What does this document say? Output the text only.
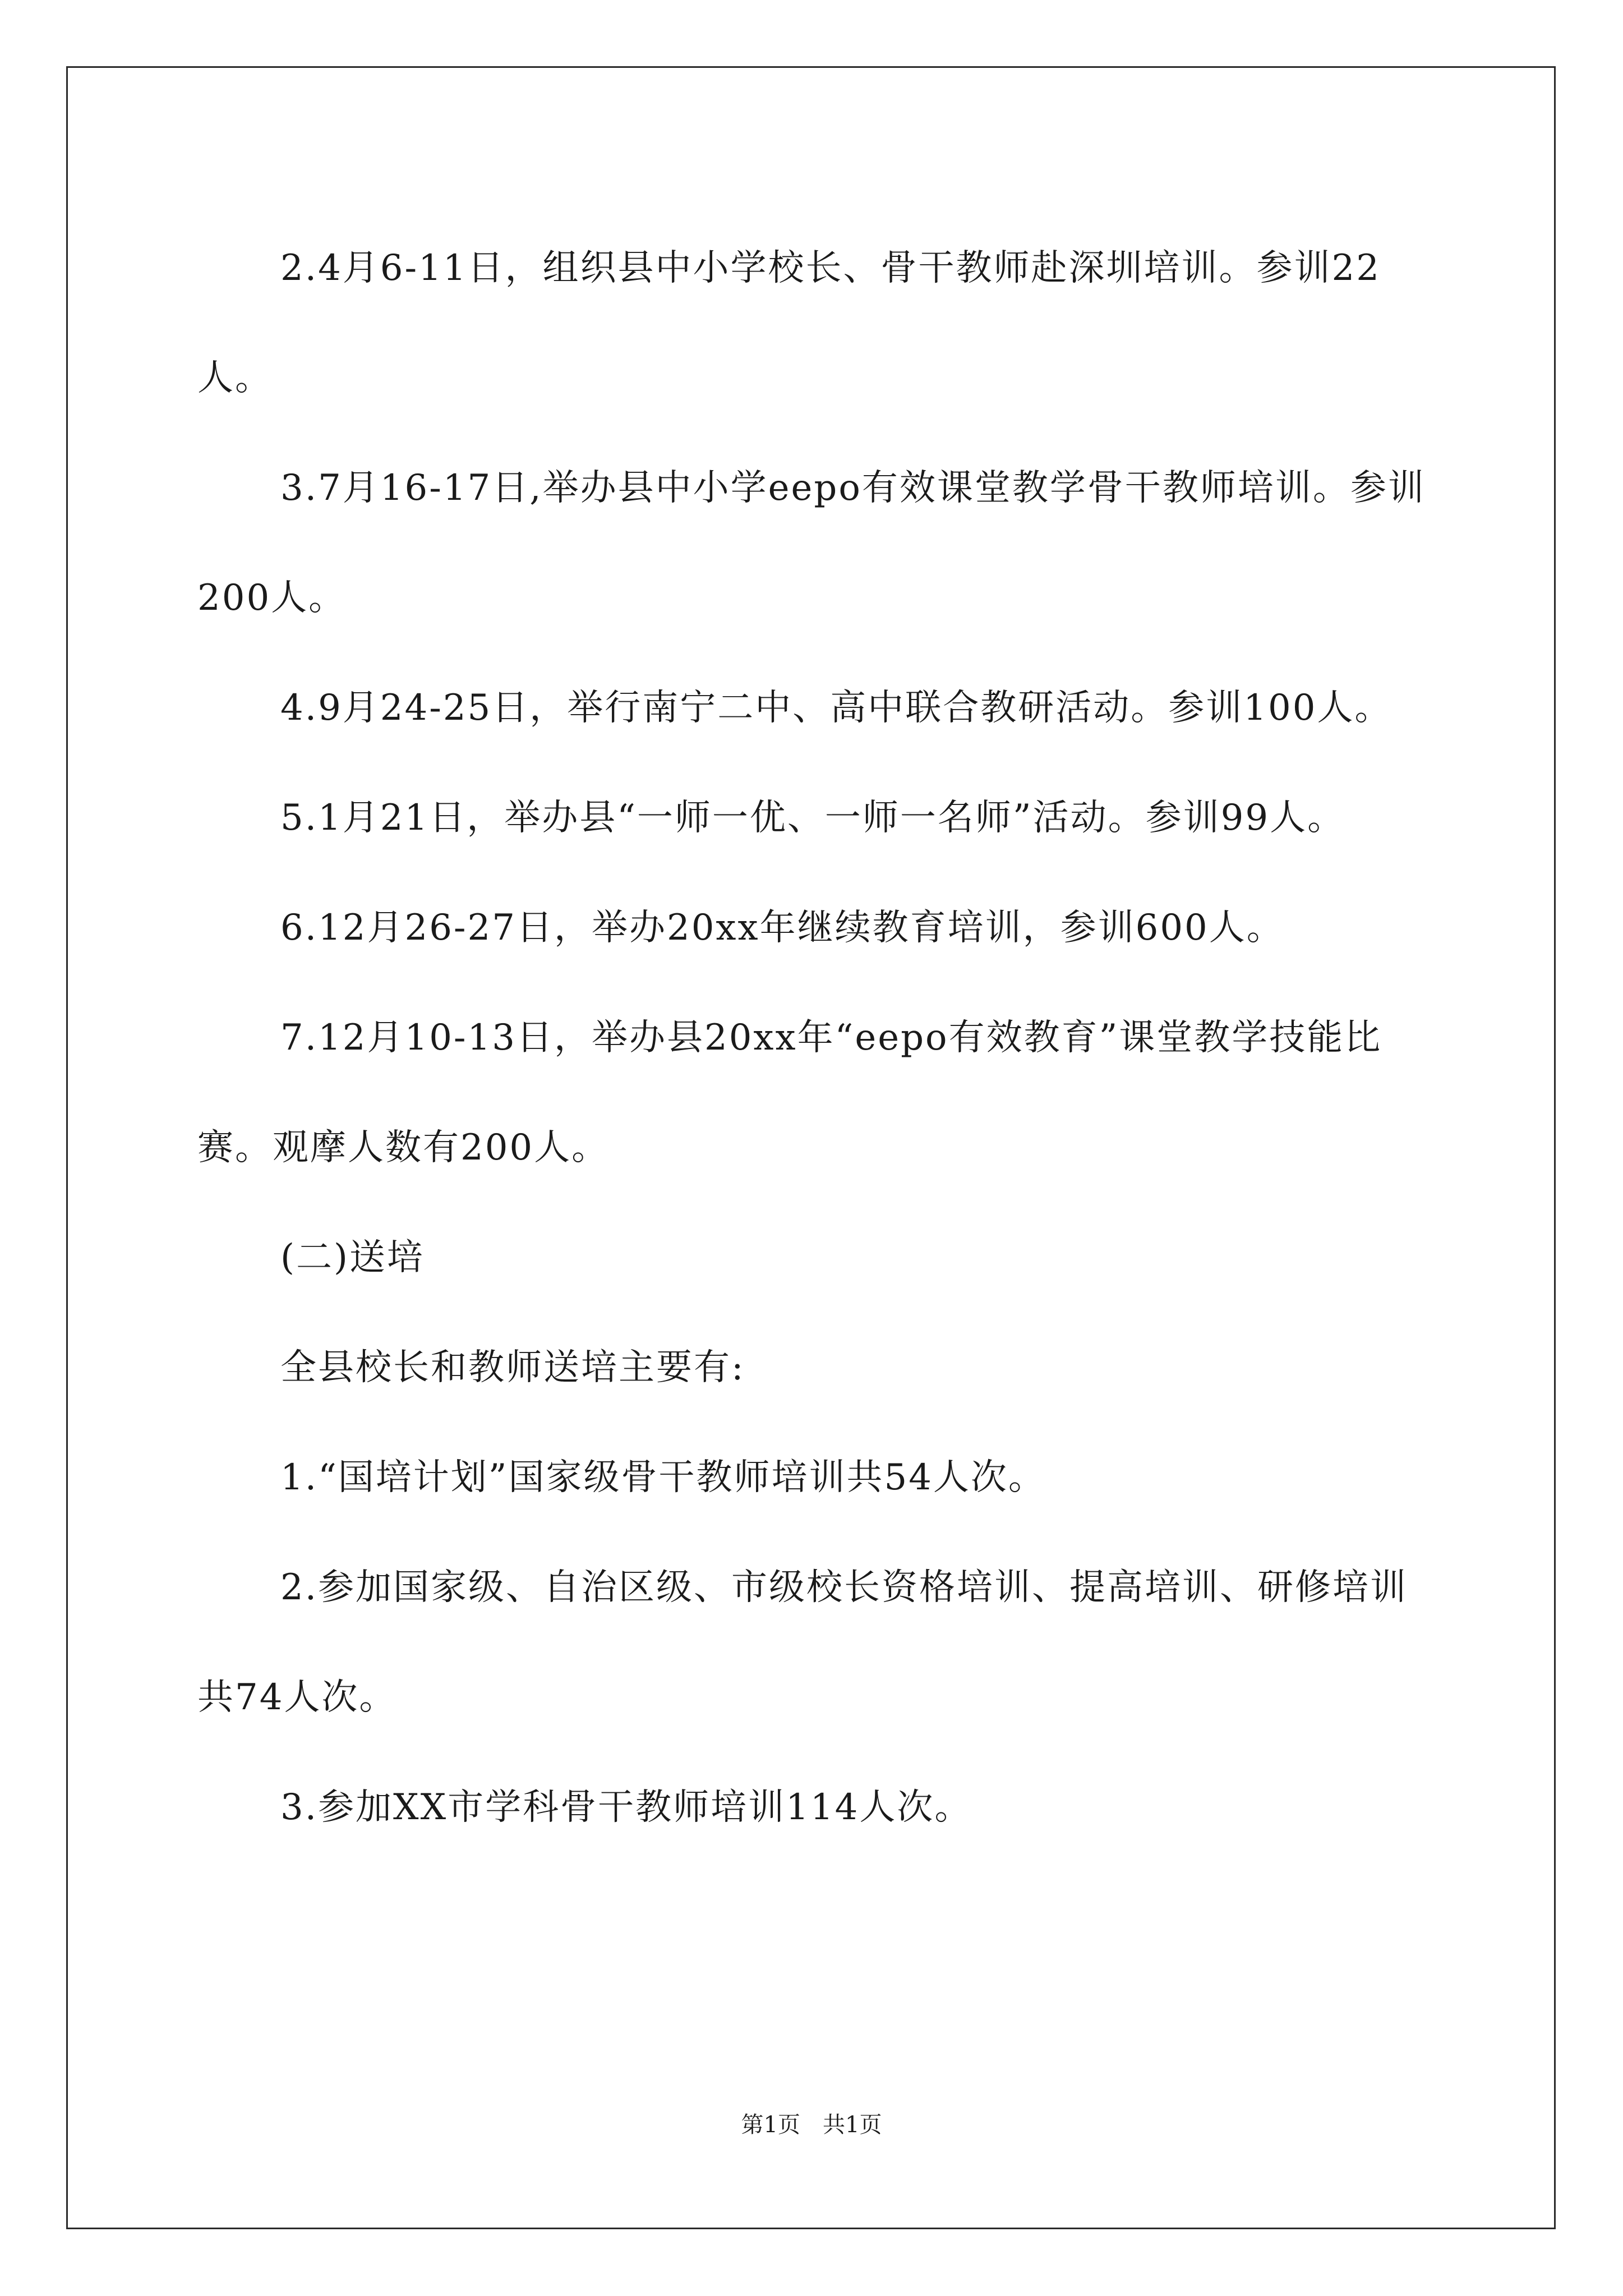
2.4月6-11日，组织县中小学校长、骨干教师赴深圳培训。参训22人。

3.7月16-17日,举办县中小学eepo有效课堂教学骨干教师培训。参训200人。

4.9月24-25日，举行南宁二中、高中联合教研活动。参训100人。

5.1月21日，举办县“一师一优、一师一名师”活动。参训99人。

6.12月26-27日，举办20xx年继续教育培训，参训600人。

7.12月10-13日，举办县20xx年“eepo有效教育”课堂教学技能比赛。观摩人数有200人。

(二)送培

全县校长和教师送培主要有:

1.“国培计划”国家级骨干教师培训共54人次。

2.参加国家级、自治区级、市级校长资格培训、提高培训、研修培训共74人次。

3.参加XX市学科骨干教师培训114人次。

第1页　共1页
